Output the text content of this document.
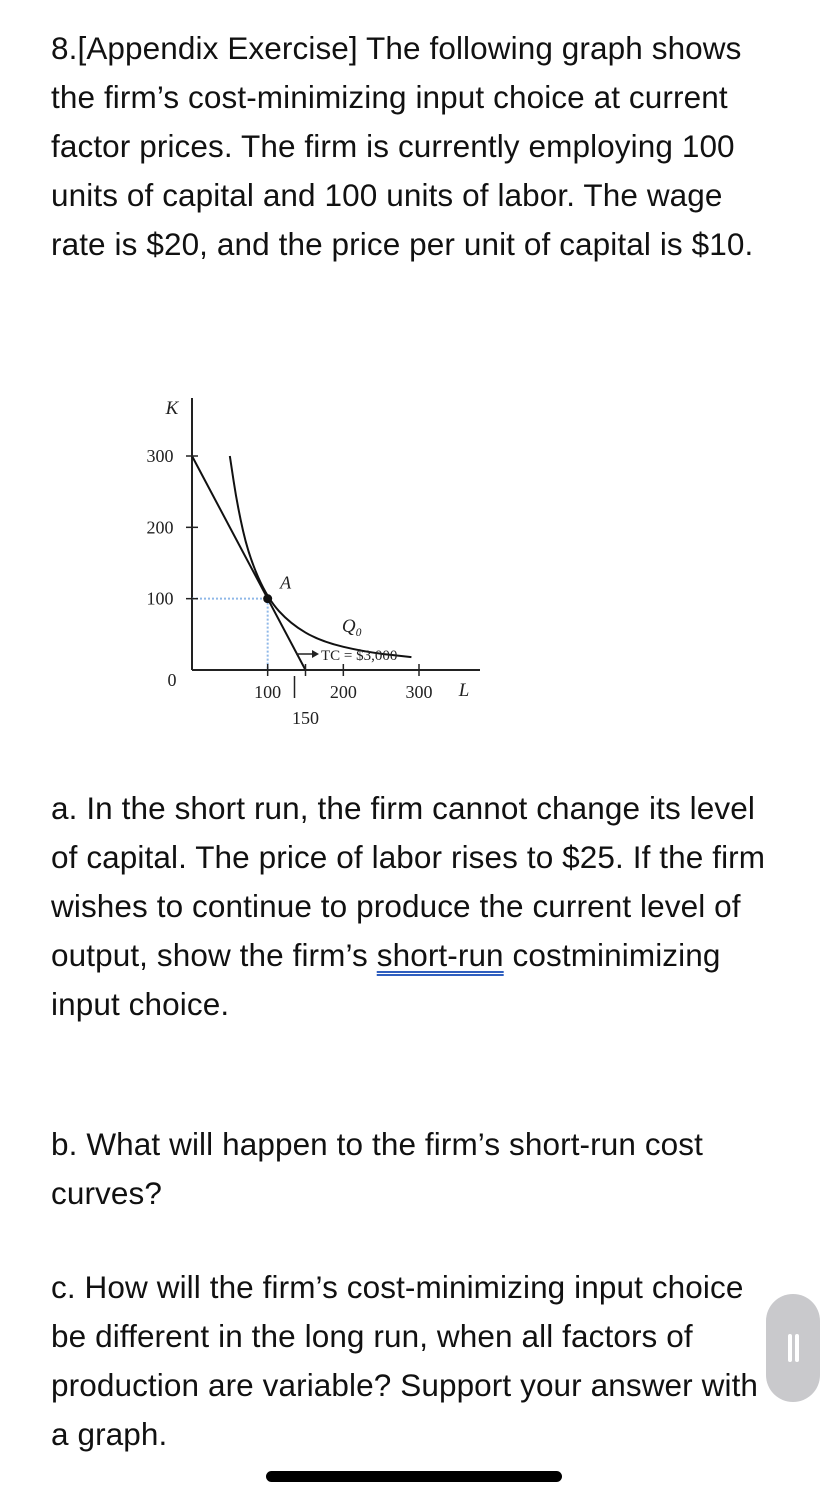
8.[Appendix Exercise] The following graph shows the firm’s cost-minimizing input choice at current factor prices. The firm is currently employing 100 units of capital and 100 units of labor. The wage rate is $20, and the price per unit of capital is $10.

K
L
0
300
200
100
100
150
200	300
A
Q₀
TC = $3,000

a. In the short run, the firm cannot change its level of capital. The price of labor rises to $25. If the firm wishes to continue to produce the current level of output, show the firm’s short-run costminimizing input choice.

b. What will happen to the firm’s short-run cost curves?

c. How will the firm’s cost-minimizing input choice be different in the long run, when all factors of production are variable? Support your answer with a graph.
